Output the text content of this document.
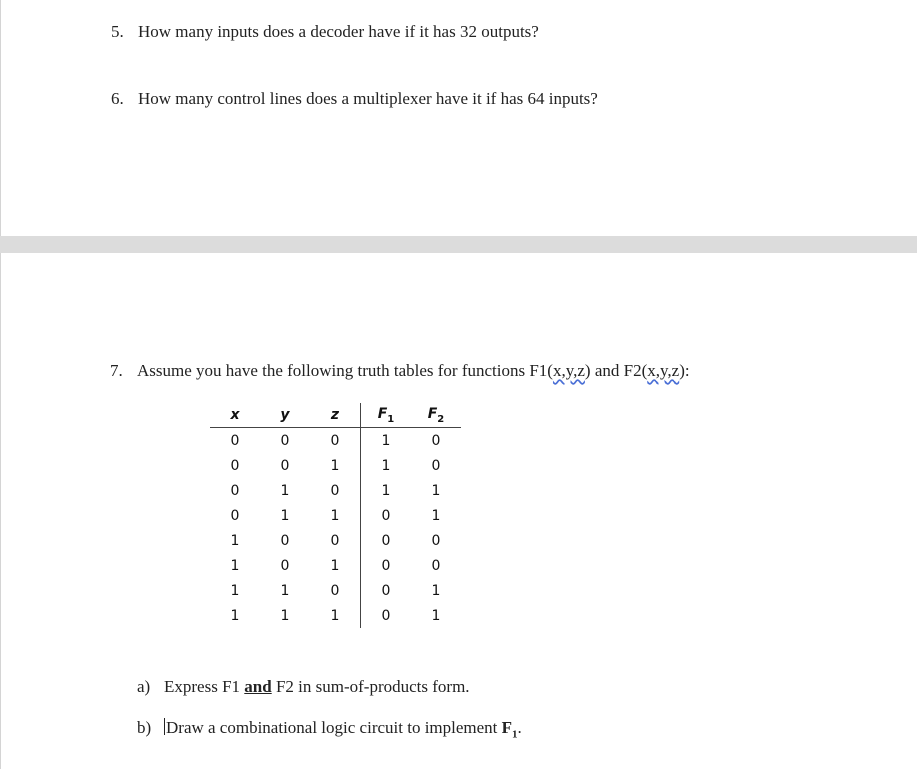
5. How many inputs does a decoder have if it has 32 outputs?
6. How many control lines does a multiplexer have it if has 64 inputs?
7. Assume you have the following truth tables for functions F1(x,y,z) and F2(x,y,z):
x	y	z	$F_1$	$F_2$
0	0	0	1	0
0	0	1	1	0
0	1	0	1	1
0	1	1	0	1
1	0	0	0	0
1	0	1	0	0
1	1	0	0	1
1	1	1	0	1
a) Express F1 and F2 in sum-of-products form.
b) Draw a combinational logic circuit to implement $F_1$.
